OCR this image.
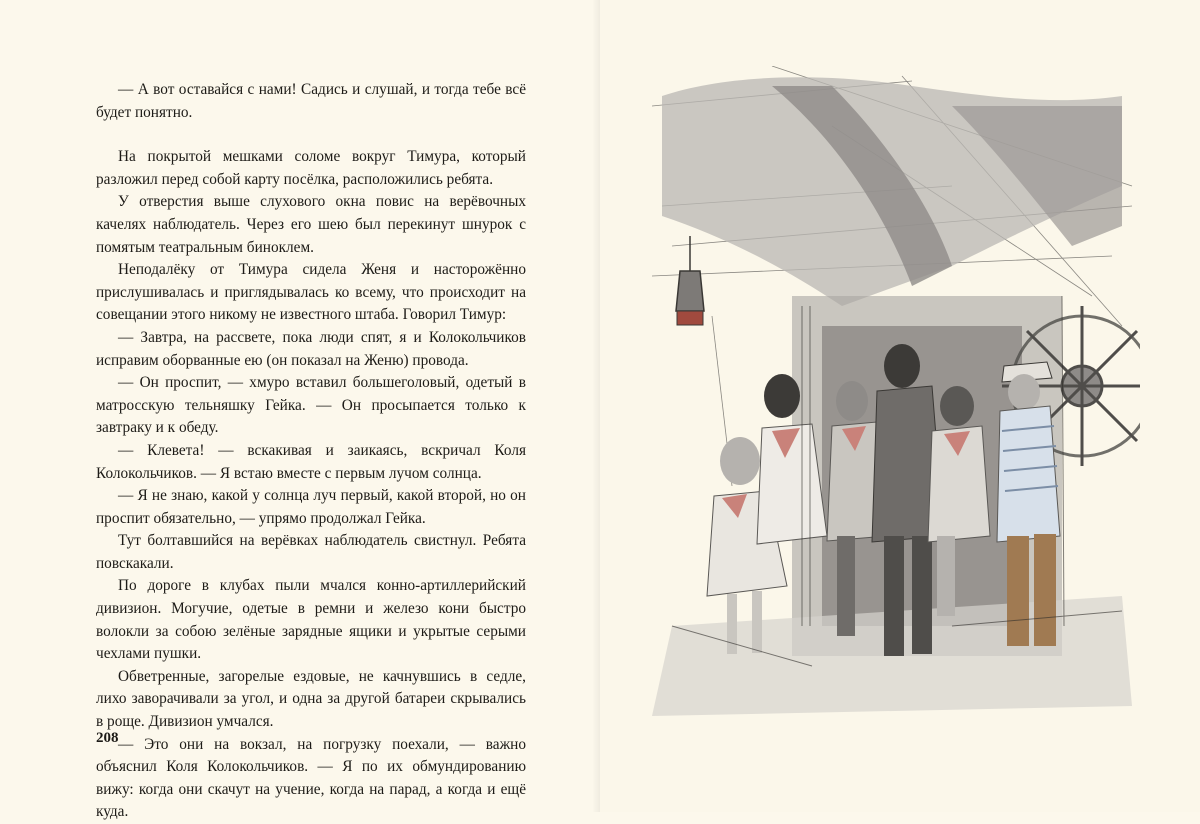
— А вот оставайся с нами! Садись и слушай, и тогда тебе всё будет понятно.

На покрытой мешками соломе вокруг Тимура, который разложил перед собой карту посёлка, расположились ребята.

У отверстия выше слухового окна повис на верёвочных качелях наблюдатель. Через его шею был перекинут шнурок с помятым театральным биноклем.

Неподалёку от Тимура сидела Женя и насторожённо прислушивалась и приглядывалась ко всему, что происходит на совещании этого никому не известного штаба. Говорил Тимур:

— Завтра, на рассвете, пока люди спят, я и Колокольчиков исправим оборванные ею (он показал на Женю) провода.

— Он проспит, — хмуро вставил большеголовый, одетый в матросскую тельняшку Гейка. — Он просыпается только к завтраку и к обеду.

— Клевета! — вскакивая и заикаясь, вскричал Коля Колокольчиков. — Я встаю вместе с первым лучом солнца.

— Я не знаю, какой у солнца луч первый, какой второй, но он проспит обязательно, — упрямо продолжал Гейка.

Тут болтавшийся на верёвках наблюдатель свистнул. Ребята повскакали.

По дороге в клубах пыли мчался конно-артиллерийский дивизион. Могучие, одетые в ремни и железо кони быстро волокли за собою зелёные зарядные ящики и укрытые серыми чехлами пушки.

Обветренные, загорелые ездовые, не качнувшись в седле, лихо заворачивали за угол, и одна за другой батареи скрывались в роще. Дивизион умчался.

— Это они на вокзал, на погрузку поехали, — важно объяснил Коля Колокольчиков. — Я по их обмундированию вижу: когда они скачут на учение, когда на парад, а когда и ещё куда.

208
